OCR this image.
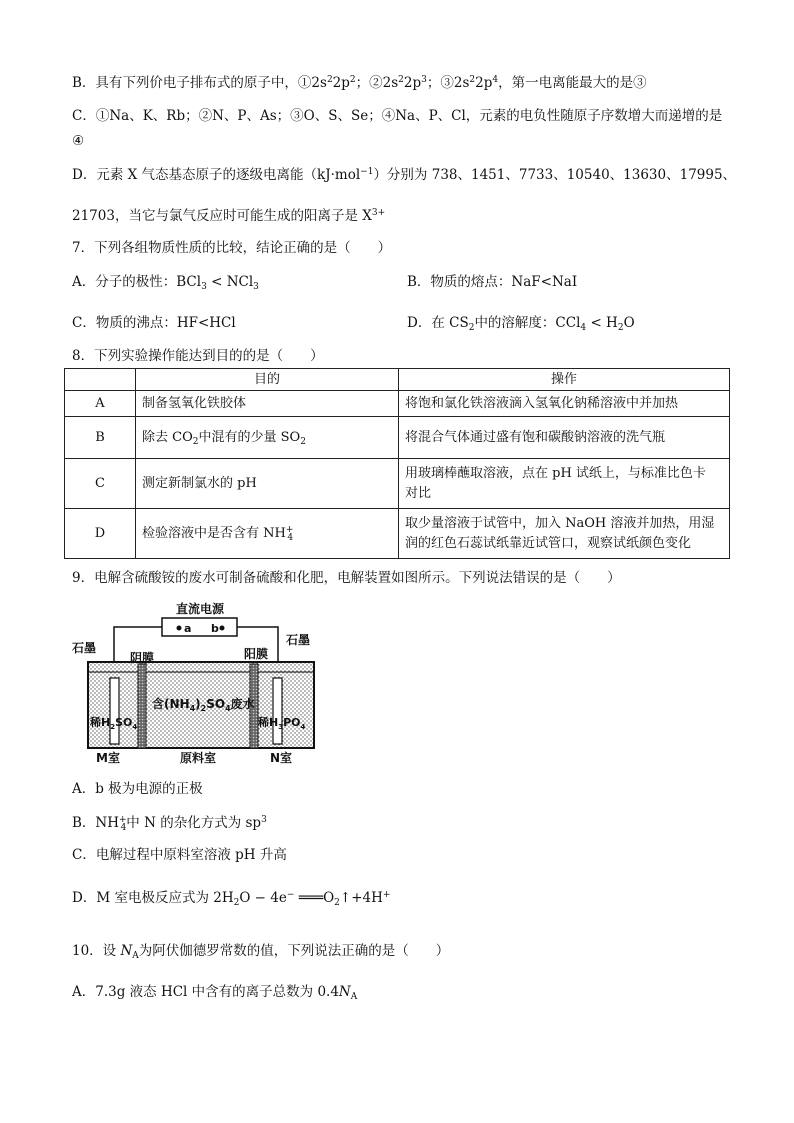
B．具有下列价电子排布式的原子中，$①2s^22p^2$；$②2s^22p^3$；$③2s^22p^4$，第一电离能最大的是③
C．①Na、K、Rb；②N、P、As；③O、S、Se；④Na、P、Cl，元素的电负性随原子序数增大而递增的是
④
D．元素 X 气态基态原子的逐级电离能（kJ·mol$^{-1}$）分别为 738、1451、7733、10540、13630、17995、
21703，当它与氯气反应时可能生成的阳离子是 $X^{3+}$
7．下列各组物质性质的比较，结论正确的是（　　）
A．分子的极性：BCl$_3$ < NCl$_3$	B．物质的熔点：NaF<NaI
C．物质的沸点：HF<HCl	D．在 $CS_2$中的溶解度：$CCl_4 < H_2O$
8．下列实验操作能达到目的的是（　　）
	目的	操作
A	制备氢氧化铁胶体	将饱和氯化铁溶液滴入氢氧化钠稀溶液中并加热
B	除去 $CO_2$中混有的少量 $SO_2$	将混合气体通过盛有饱和碳酸钠溶液的洗气瓶
C	测定新制氯水的 pH	用玻璃棒蘸取溶液，点在 pH 试纸上，与标准比色卡
对比

D	检验溶液中是否含有 $NH^+_4$	取少量溶液于试管中，加入 NaOH 溶液并加热，用湿
润的红色石蕊试纸靠近试管口，观察试纸颜色变化
9．电解含硫酸铵的废水可制备硫酸和化肥，电解装置如图所示。下列说法错误的是（　　）
直流电源
a b
石墨
石墨
阴膜	阳膜
稀$H_2SO_4$
含$(NH_4)_2SO_4$废水
稀$H_3PO_4$
M室	原料室	N室
A．b 极为电源的正极
B．$NH^+_4$中 N 的杂化方式为 $sp^3$
C．电解过程中原料室溶液 pH 升高
D．M 室电极反应式为 $2H_2O - 4e^-$ $═══O_2↑+4H^+$
10．设 $N_A$为阿伏伽德罗常数的值，下列说法正确的是（　　）
A．7.3g 液态 HCl 中含有的离子总数为 $0.4N_A$
